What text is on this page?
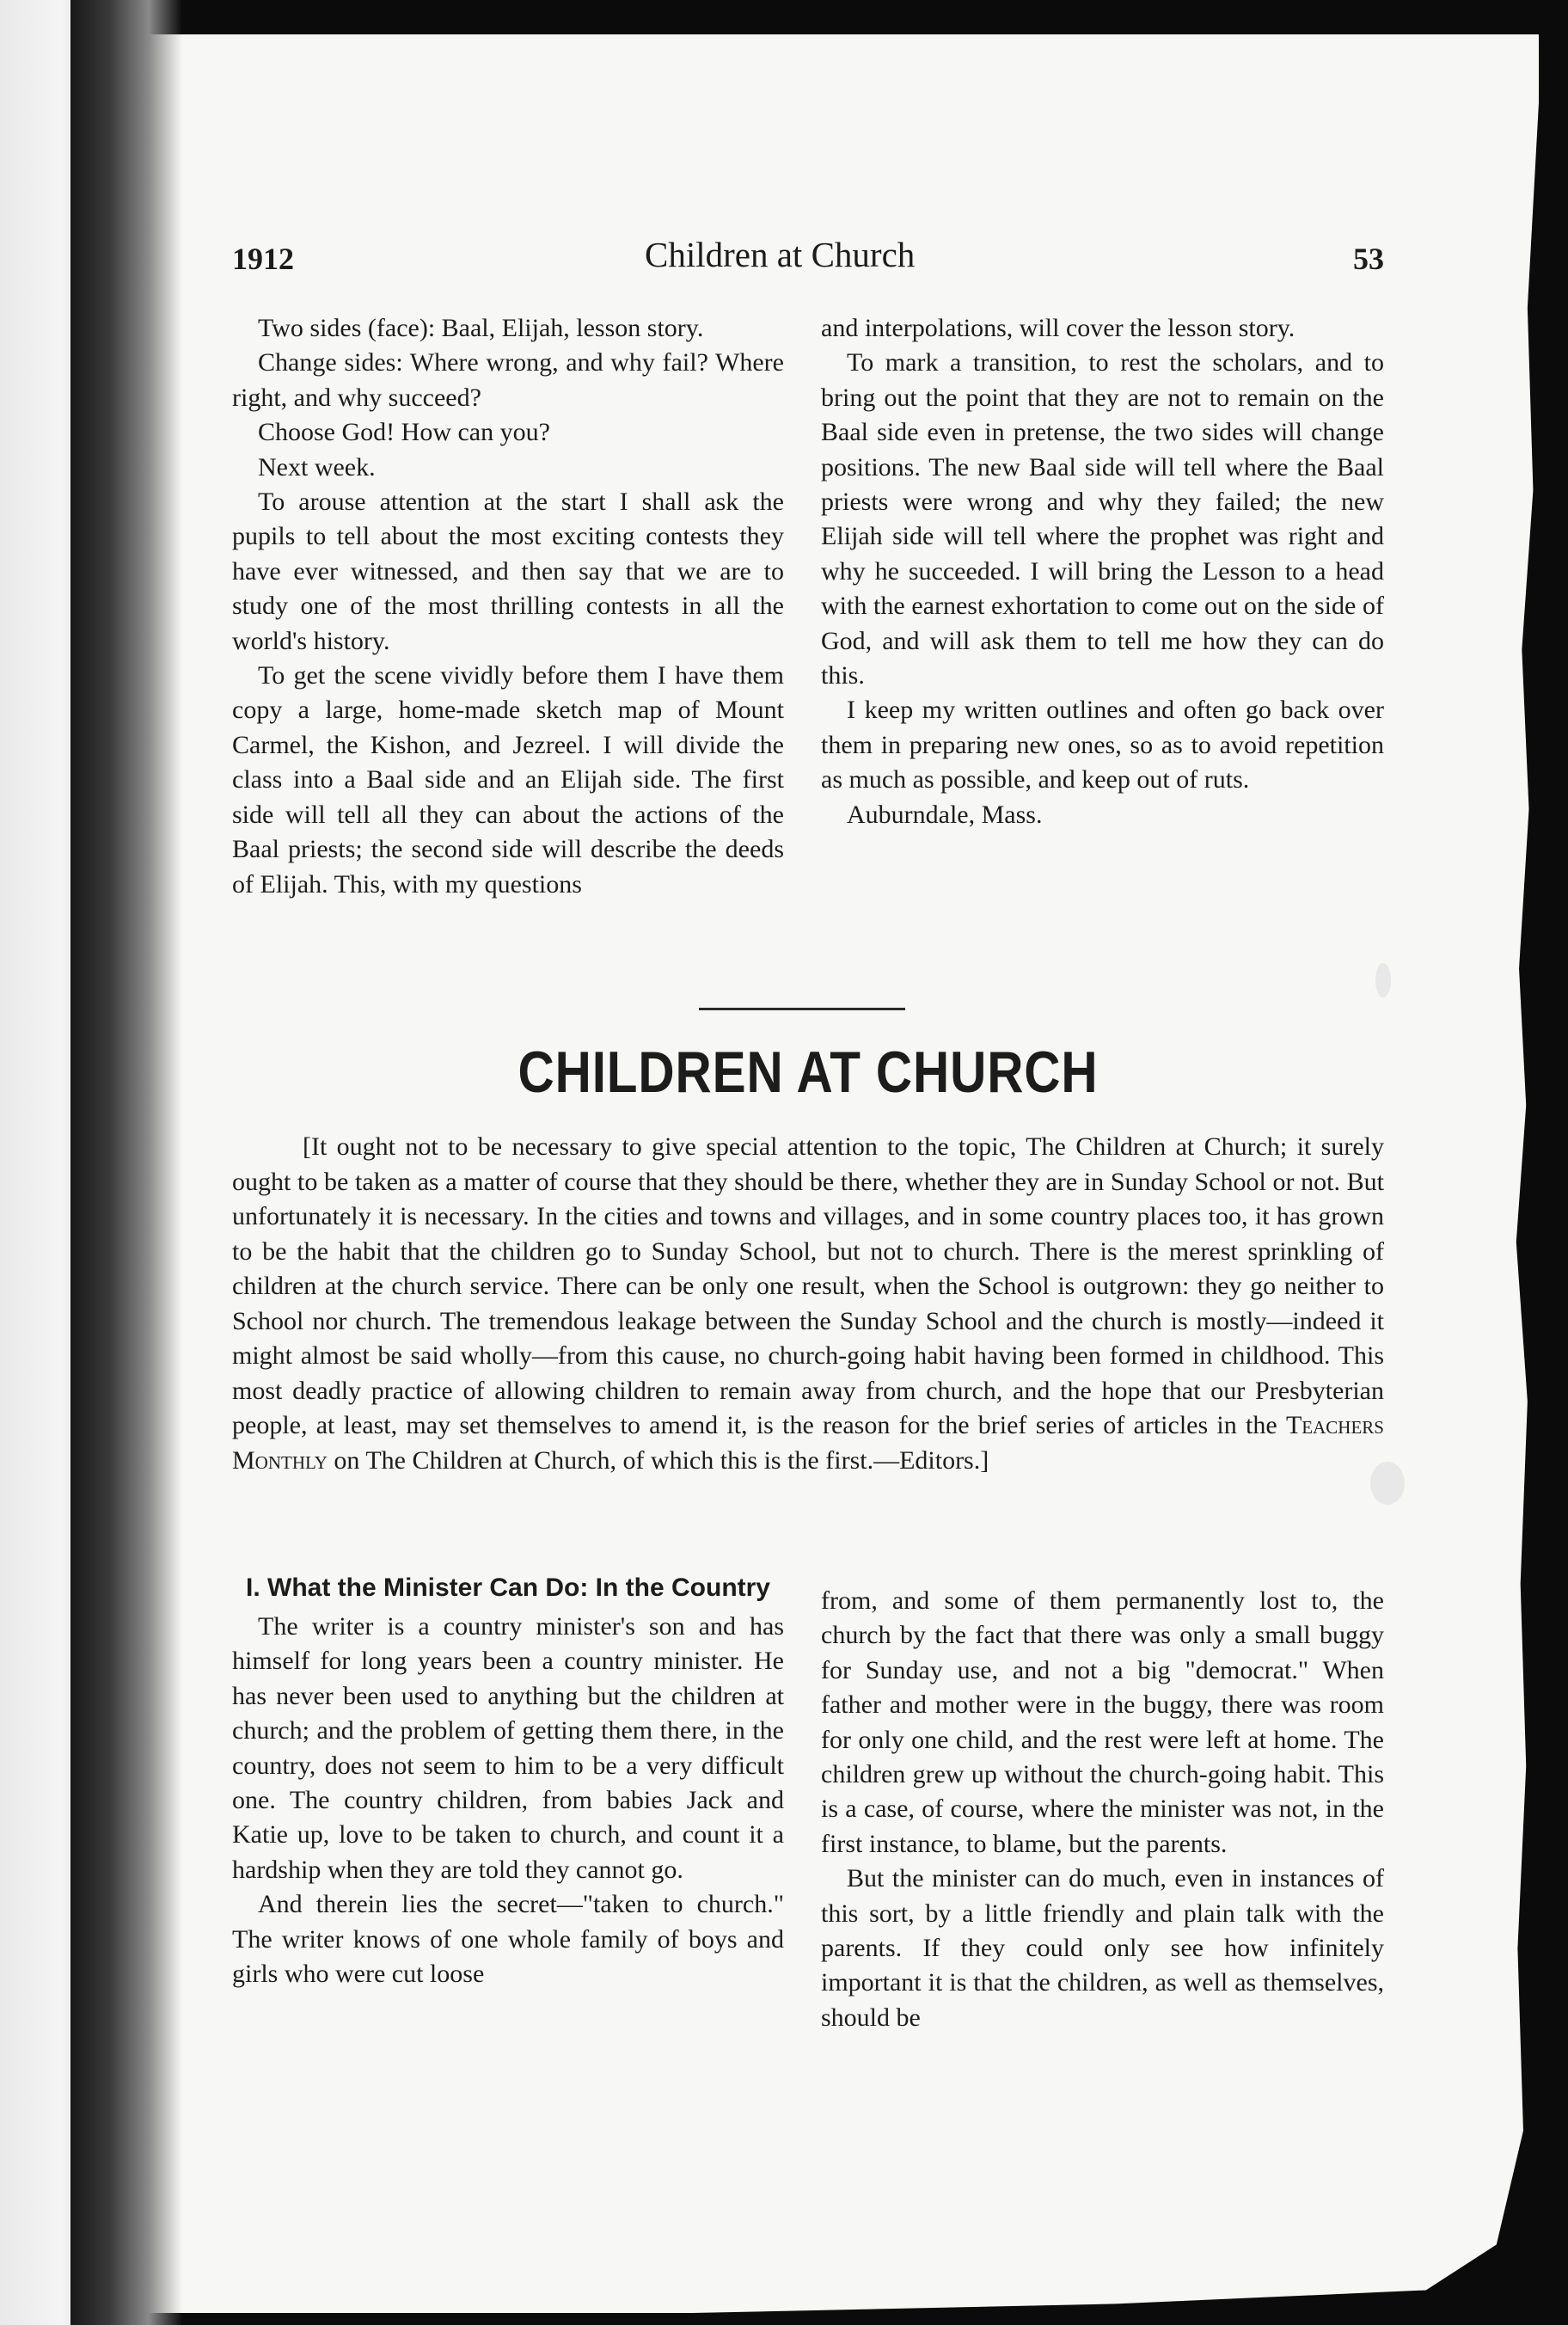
1912	Children at Church	53

Two sides (face): Baal, Elijah, lesson story.

Change sides: Where wrong, and why fail? Where right, and why succeed?

Choose God! How can you?

Next week.

To arouse attention at the start I shall ask the pupils to tell about the most exciting contests they have ever witnessed, and then say that we are to study one of the most thrilling contests in all the world's history.

To get the scene vividly before them I have them copy a large, home-made sketch map of Mount Carmel, the Kishon, and Jezreel. I will divide the class into a Baal side and an Elijah side. The first side will tell all they can about the actions of the Baal priests; the second side will describe the deeds of Elijah. This, with my questions

and interpolations, will cover the lesson story.

To mark a transition, to rest the scholars, and to bring out the point that they are not to remain on the Baal side even in pretense, the two sides will change positions. The new Baal side will tell where the Baal priests were wrong and why they failed; the new Elijah side will tell where the prophet was right and why he succeeded. I will bring the Lesson to a head with the earnest exhortation to come out on the side of God, and will ask them to tell me how they can do this.

I keep my written outlines and often go back over them in preparing new ones, so as to avoid repetition as much as possible, and keep out of ruts.

Auburndale, Mass.

CHILDREN AT CHURCH

[It ought not to be necessary to give special attention to the topic, The Children at Church; it surely ought to be taken as a matter of course that they should be there, whether they are in Sunday School or not. But unfortunately it is necessary. In the cities and towns and villages, and in some country places too, it has grown to be the habit that the children go to Sunday School, but not to church. There is the merest sprinkling of children at the church service. There can be only one result, when the School is outgrown: they go neither to School nor church. The tremendous leakage between the Sunday School and the church is mostly—indeed it might almost be said wholly—from this cause, no church-going habit having been formed in childhood. This most deadly practice of allowing children to remain away from church, and the hope that our Presbyterian people, at least, may set themselves to amend it, is the reason for the brief series of articles in the Teachers Monthly on The Children at Church, of which this is the first.—Editors.]

I. What the Minister Can Do: In the Country

The writer is a country minister's son and has himself for long years been a country minister. He has never been used to anything but the children at church; and the problem of getting them there, in the country, does not seem to him to be a very difficult one. The country children, from babies Jack and Katie up, love to be taken to church, and count it a hardship when they are told they cannot go.

And therein lies the secret—"taken to church." The writer knows of one whole family of boys and girls who were cut loose

from, and some of them permanently lost to, the church by the fact that there was only a small buggy for Sunday use, and not a big "democrat." When father and mother were in the buggy, there was room for only one child, and the rest were left at home. The children grew up without the church-going habit. This is a case, of course, where the minister was not, in the first instance, to blame, but the parents.

But the minister can do much, even in instances of this sort, by a little friendly and plain talk with the parents. If they could only see how infinitely important it is that the children, as well as themselves, should be
